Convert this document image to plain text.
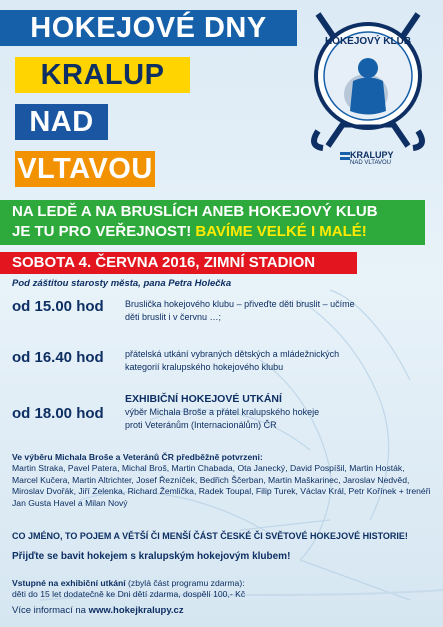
HOKEJOVÉ DNY
KRALUP
NAD
VLTAVOU
HOKEJOVÝ KLUB
KRALUPY
NAD VLTAVOU
NA LEDĚ A NA BRUSLÍCH ANEB HOKEJOVÝ KLUB
JE TU PRO VEŘEJNOST! BAVÍME VELKÉ I MALÉ!
SOBOTA 4. ČERVNA 2016, ZIMNÍ STADION
Pod záštitou starosty města, pana Petra Holečka
od 15.00 hod Bruslička hokejového klubu – přiveďte děti bruslit – učíme
děti bruslit i v červnu …;
od 16.40 hod přátelská utkání vybraných dětských a mládežnických
kategorií kralupského hokejového klubu
od 18.00 hod
EXHIBIČNÍ HOKEJOVÉ UTKÁNÍ
výběr Michala Broše a přátel kralupského hokeje
proti Veteránům (Internacionálům) ČR
Ve výběru Michala Broše a Veteránů ČR předběžně potvrzeni:
Martin Straka, Pavel Patera, Michal Broš, Martin Chabada, Ota Janecký, David Pospíšil, Martin Hosták, Marcel Kučera, Martin Altrichter, Josef Řezníček, Bedřich Ščerban, Martin Maškarinec, Jaroslav Nedvěd, Miroslav Dvořák, Jiří Zelenka, Richard Žemlička, Radek Toupal, Filip Turek, Václav Král, Petr Kořínek + trenéři Jan Gusta Havel a Milan Nový
CO JMÉNO, TO POJEM A VĚTŠÍ ČI MENŠÍ ČÁST ČESKÉ ČI SVĚTOVÉ HOKEJOVÉ HISTORIE!
Přijďte se bavit hokejem s kralupským hokejovým klubem!
Vstupné na exhibiční utkání (zbylá část programu zdarma):
děti do 15 let dodatečně ke Dni dětí zdarma, dospělí 100,- Kč
Více informací na www.hokejkralupy.cz
